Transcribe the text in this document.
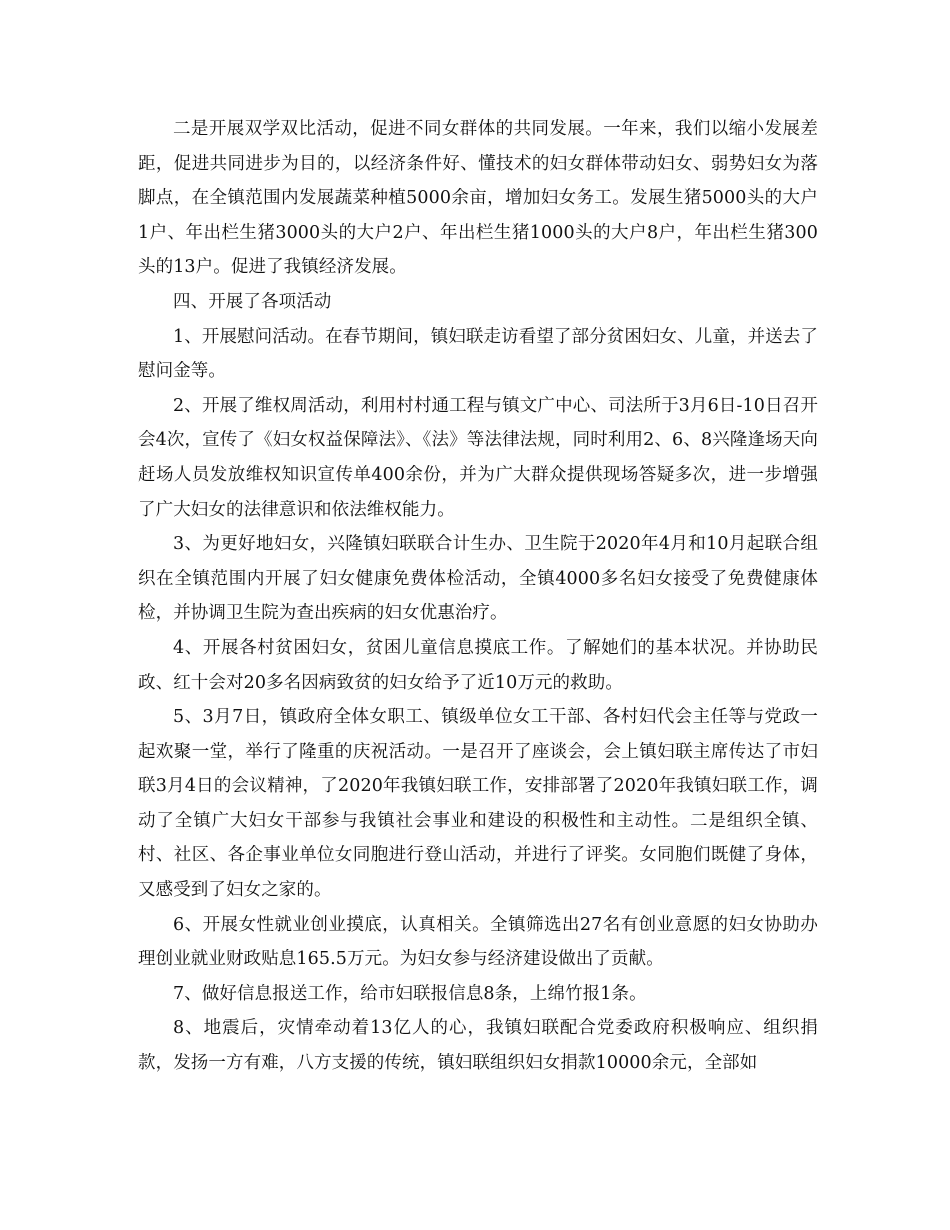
二是开展双学双比活动，促进不同女群体的共同发展。一年来，我们以缩小发展差距，促进共同进步为目的，以经济条件好、懂技术的妇女群体带动妇女、弱势妇女为落脚点，在全镇范围内发展蔬菜种植5000余亩，增加妇女务工。发展生猪5000头的大户1户、年出栏生猪3000头的大户2户、年出栏生猪1000头的大户8户，年出栏生猪300头的13户。促进了我镇经济发展。

四、开展了各项活动

1、开展慰问活动。在春节期间，镇妇联走访看望了部分贫困妇女、儿童，并送去了慰问金等。

2、开展了维权周活动，利用村村通工程与镇文广中心、司法所于3月6日-10日召开会4次，宣传了《妇女权益保障法》、《法》等法律法规，同时利用2、6、8兴隆逢场天向赶场人员发放维权知识宣传单400余份，并为广大群众提供现场答疑多次，进一步增强了广大妇女的法律意识和依法维权能力。

3、为更好地妇女，兴隆镇妇联联合计生办、卫生院于2020年4月和10月起联合组织在全镇范围内开展了妇女健康免费体检活动，全镇4000多名妇女接受了免费健康体检，并协调卫生院为查出疾病的妇女优惠治疗。

4、开展各村贫困妇女，贫困儿童信息摸底工作。了解她们的基本状况。并协助民政、红十会对20多名因病致贫的妇女给予了近10万元的救助。

5、3月7日，镇政府全体女职工、镇级单位女工干部、各村妇代会主任等与党政一起欢聚一堂，举行了隆重的庆祝活动。一是召开了座谈会，会上镇妇联主席传达了市妇联3月4日的会议精神，了2020年我镇妇联工作，安排部署了2020年我镇妇联工作，调动了全镇广大妇女干部参与我镇社会事业和建设的积极性和主动性。二是组织全镇、村、社区、各企事业单位女同胞进行登山活动，并进行了评奖。女同胞们既健了身体，又感受到了妇女之家的。

6、开展女性就业创业摸底，认真相关。全镇筛选出27名有创业意愿的妇女协助办理创业就业财政贴息165.5万元。为妇女参与经济建设做出了贡献。

7、做好信息报送工作，给市妇联报信息8条，上绵竹报1条。

8、地震后，灾情牵动着13亿人的心，我镇妇联配合党委政府积极响应、组织捐款，发扬一方有难，八方支援的传统，镇妇联组织妇女捐款10000余元，全部如
